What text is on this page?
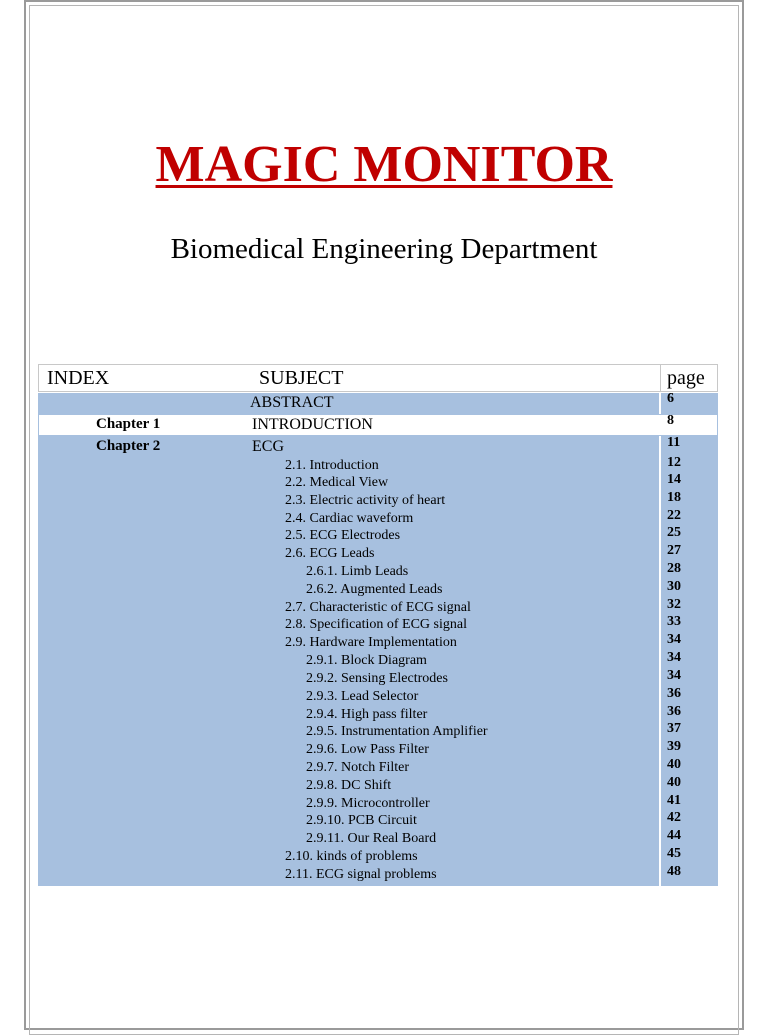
MAGIC MONITOR
Biomedical Engineering Department
INDEX	SUBJECT	page
ABSTRACT	6
Chapter 1	INTRODUCTION	8
Chapter 2	ECG	11
2.1. Introduction	12
2.2. Medical View	14
2.3. Electric activity of heart	18
2.4. Cardiac waveform	22
2.5. ECG Electrodes	25
2.6. ECG Leads	27
2.6.1. Limb Leads	28
2.6.2. Augmented Leads	30
2.7. Characteristic of ECG signal	32
2.8. Specification of ECG signal	33
2.9. Hardware Implementation	34
2.9.1. Block Diagram	34
2.9.2. Sensing Electrodes	34
2.9.3. Lead Selector	36
2.9.4. High pass filter	36
2.9.5. Instrumentation Amplifier	37
2.9.6. Low Pass Filter	39
2.9.7. Notch Filter	40
2.9.8. DC Shift	40
2.9.9. Microcontroller	41
2.9.10. PCB Circuit	42
2.9.11. Our Real Board	44
2.10. kinds of problems	45
2.11. ECG signal problems	48
